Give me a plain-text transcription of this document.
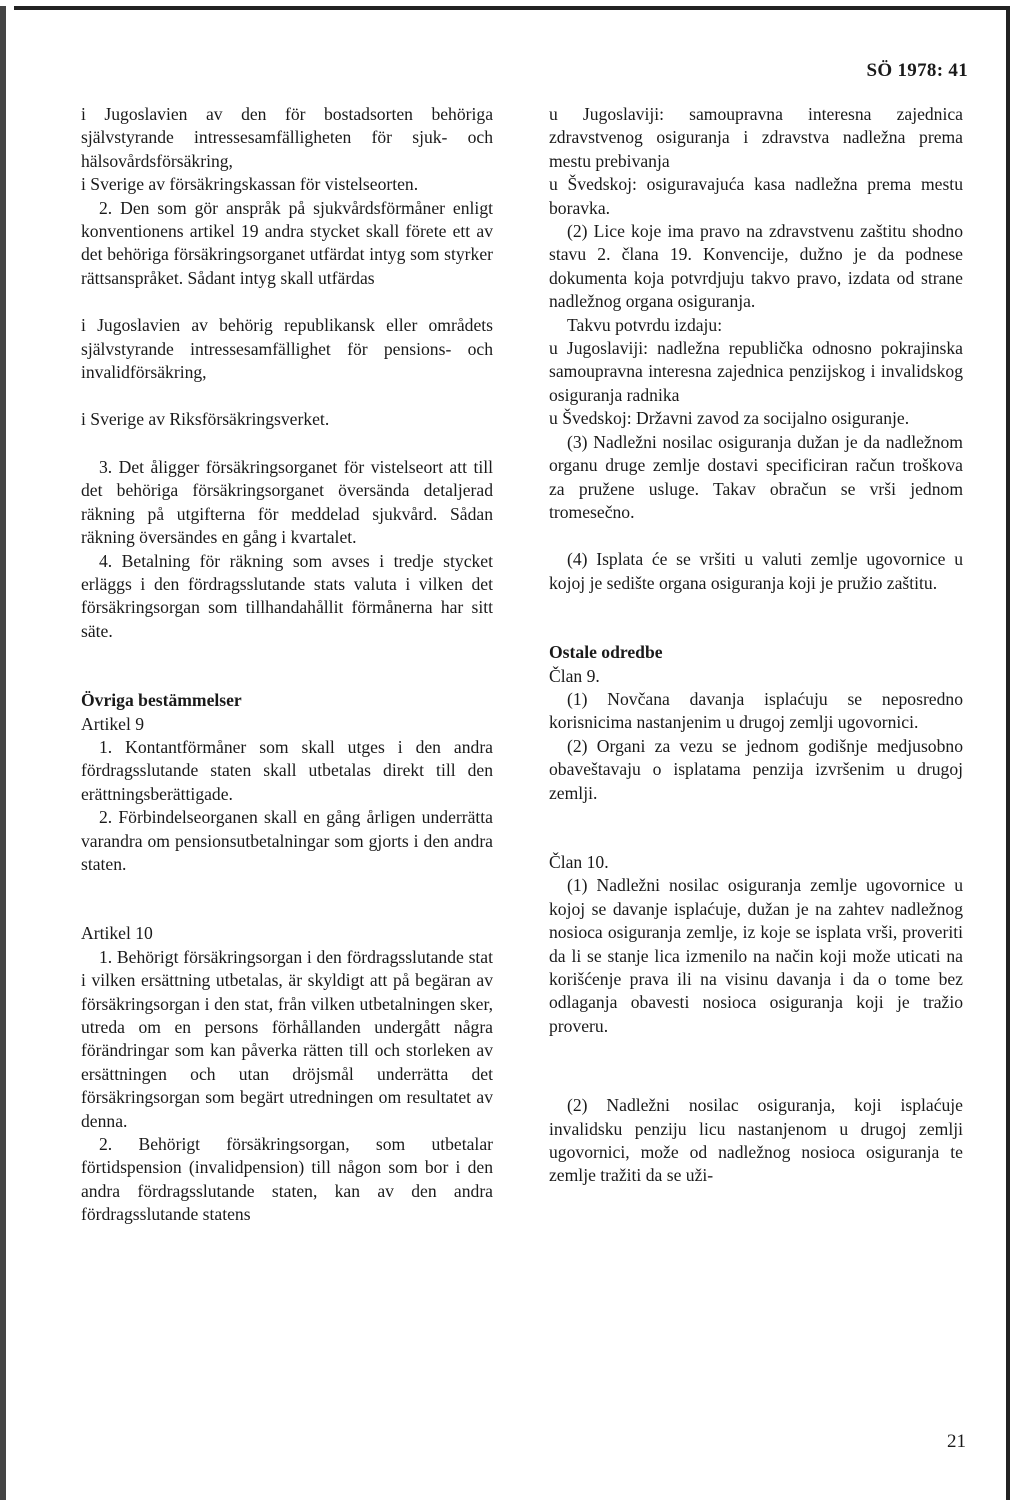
SÖ 1978: 41

i Jugoslavien av den för bostadsorten behöriga självstyrande intressesamfälligheten för sjuk- och hälsovårdsförsäkring,

i Sverige av försäkringskassan för vistelseorten.

2. Den som gör anspråk på sjukvårdsförmåner enligt konventionens artikel 19 andra stycket skall förete ett av det behöriga försäkringsorganet utfärdat intyg som styrker rättsanspråket. Sådant intyg skall utfärdas

i Jugoslavien av behörig republikansk eller områdets självstyrande intressesamfällighet för pensions- och invalidförsäkring,

i Sverige av Riksförsäkringsverket.

3. Det åligger försäkringsorganet för vistelseort att till det behöriga försäkringsorganet översända detaljerad räkning på utgifterna för meddelad sjukvård. Sådan räkning översändes en gång i kvartalet.

4. Betalning för räkning som avses i tredje stycket erläggs i den fördragsslutande stats valuta i vilken det försäkringsorgan som tillhandahållit förmånerna har sitt säte.

Övriga bestämmelser

Artikel 9

1. Kontantförmåner som skall utges i den andra fördragsslutande staten skall utbetalas direkt till den erättningsberättigade.

2. Förbindelseorganen skall en gång årligen underrätta varandra om pensionsutbetalningar som gjorts i den andra staten.

Artikel 10

1. Behörigt försäkringsorgan i den fördragsslutande stat i vilken ersättning utbetalas, är skyldigt att på begäran av försäkringsorgan i den stat, från vilken utbetalningen sker, utreda om en persons förhållanden undergått några förändringar som kan påverka rätten till och storleken av ersättningen och utan dröjsmål underrätta det försäkringsorgan som begärt utredningen om resultatet av denna.

2. Behörigt försäkringsorgan, som utbetalar förtidspension (invalidpension) till någon som bor i den andra fördragsslutande staten, kan av den andra fördragsslutande statens

u Jugoslaviji: samoupravna interesna zajednica zdravstvenog osiguranja i zdravstva nadležna prema mestu prebivanja

u Švedskoj: osiguravajuća kasa nadležna prema mestu boravka.

(2) Lice koje ima pravo na zdravstvenu zaštitu shodno stavu 2. člana 19. Konvencije, dužno je da podnese dokumenta koja potvrdjuju takvo pravo, izdata od strane nadležnog organa osiguranja.

Takvu potvrdu izdaju:

u Jugoslaviji: nadležna republička odnosno pokrajinska samoupravna interesna zajednica penzijskog i invalidskog osiguranja radnika

u Švedskoj: Državni zavod za socijalno osiguranje.

(3) Nadležni nosilac osiguranja dužan je da nadležnom organu druge zemlje dostavi specificiran račun troškova za pružene usluge. Takav obračun se vrši jednom tromesečno.

(4) Isplata će se vršiti u valuti zemlje ugovornice u kojoj je sedište organa osiguranja koji je pružio zaštitu.

Ostale odredbe

Član 9.

(1) Novčana davanja isplaćuju se neposredno korisnicima nastanjenim u drugoj zemlji ugovornici.

(2) Organi za vezu se jednom godišnje medjusobno obaveštavaju o isplatama penzija izvršenim u drugoj zemlji.

Član 10.

(1) Nadležni nosilac osiguranja zemlje ugovornice u kojoj se davanje isplaćuje, dužan je na zahtev nadležnog nosioca osiguranja zemlje, iz koje se isplata vrši, proveriti da li se stanje lica izmenilo na način koji može uticati na korišćenje prava ili na visinu davanja i da o tome bez odlaganja obavesti nosioca osiguranja koji je tražio proveru.

(2) Nadležni nosilac osiguranja, koji isplaćuje invalidsku penziju licu nastanjenom u drugoj zemlji ugovornici, može od nadležnog nosioca osiguranja te zemlje tražiti da se uži-

21
